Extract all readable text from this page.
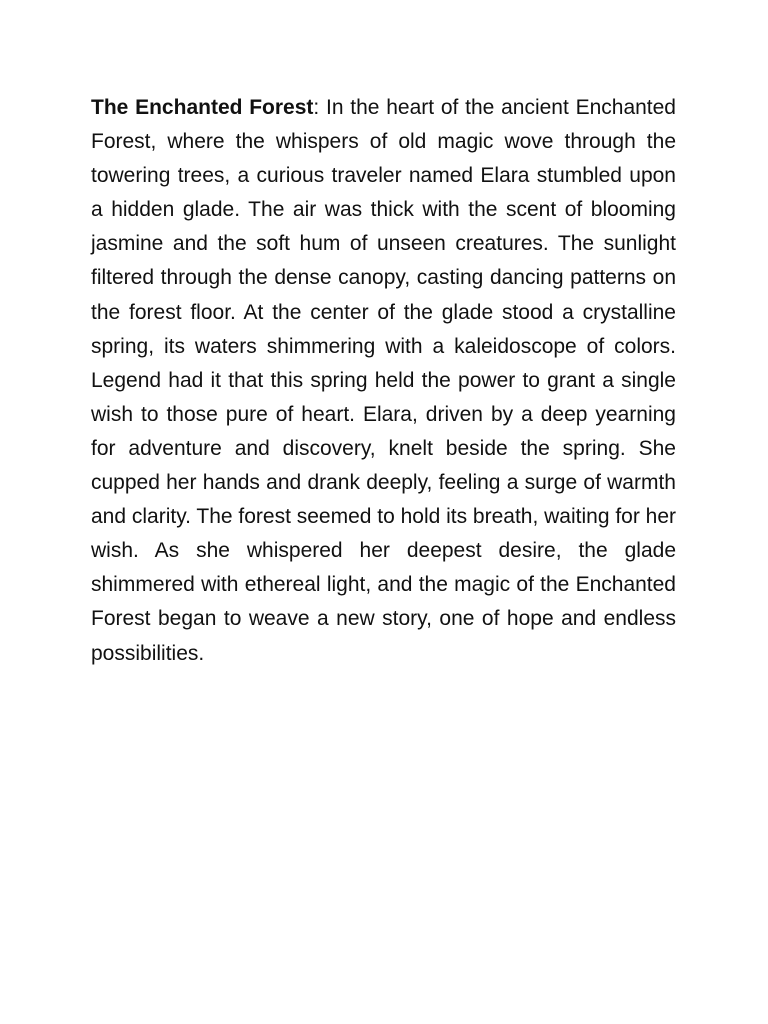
The Enchanted Forest: In the heart of the ancient Enchanted Forest, where the whispers of old magic wove through the towering trees, a curious traveler named Elara stumbled upon a hidden glade. The air was thick with the scent of blooming jasmine and the soft hum of unseen creatures. The sunlight filtered through the dense canopy, casting dancing patterns on the forest floor. At the center of the glade stood a crystalline spring, its waters shimmering with a kaleidoscope of colors. Legend had it that this spring held the power to grant a single wish to those pure of heart. Elara, driven by a deep yearning for adventure and discovery, knelt beside the spring. She cupped her hands and drank deeply, feeling a surge of warmth and clarity. The forest seemed to hold its breath, waiting for her wish. As she whispered her deepest desire, the glade shimmered with ethereal light, and the magic of the Enchanted Forest began to weave a new story, one of hope and endless possibilities.
